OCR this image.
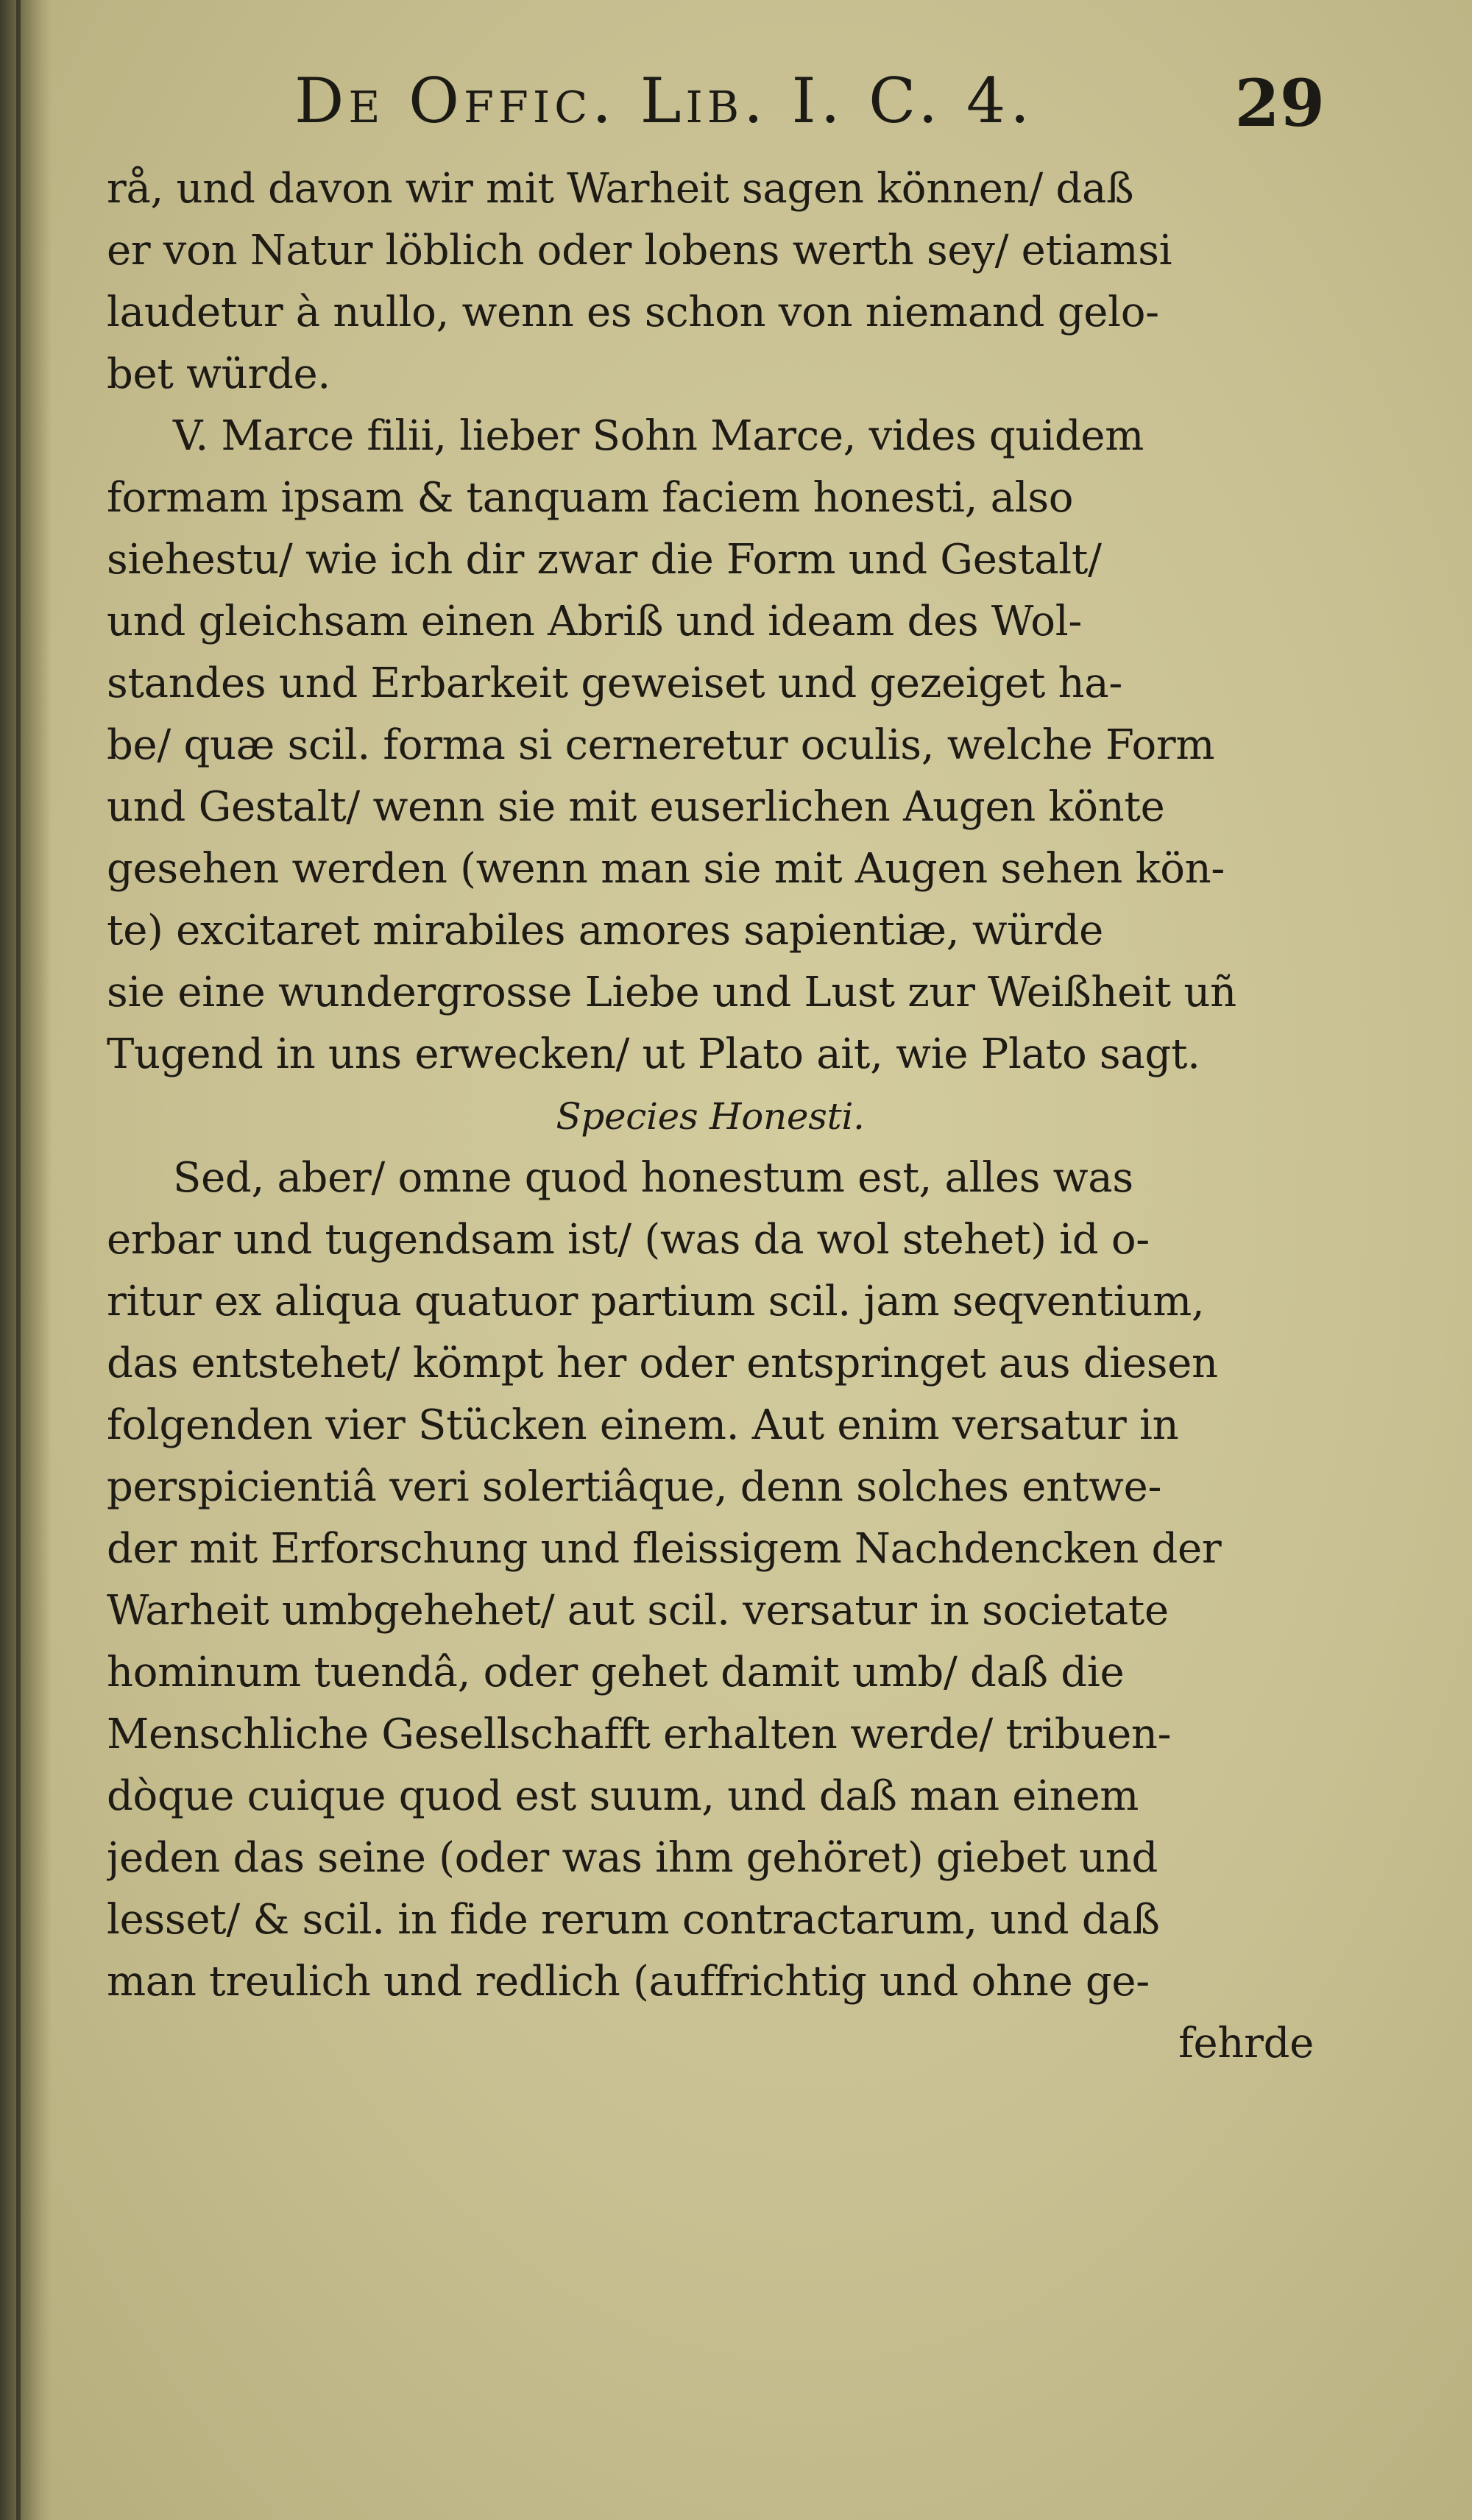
De Offic. Lib. I. C. 4.	29
rå, und davon wir mit Warheit sagen können/ daß
er von Natur löblich oder lobens werth sey/ etiamsi
laudetur à nullo, wenn es schon von niemand gelo-
bet würde.
V. Marce filii, lieber Sohn Marce, vides quidem
formam ipsam & tanquam faciem honesti, also
siehestu/ wie ich dir zwar die Form und Gestalt/
und gleichsam einen Abriß und ideam des Wol-
standes und Erbarkeit geweiset und gezeiget ha-
be/ quæ scil. forma si cerneretur oculis, welche Form
und Gestalt/ wenn sie mit euserlichen Augen könte
gesehen werden (wenn man sie mit Augen sehen kön-
te) excitaret mirabiles amores sapientiæ, würde
sie eine wundergrosse Liebe und Lust zur Weißheit uñ
Tugend in uns erwecken/ ut Plato ait, wie Plato sagt.
Species Honesti.
Sed, aber/ omne quod honestum est, alles was
erbar und tugendsam ist/ (was da wol stehet) id o-
ritur ex aliqua quatuor partium scil. jam seqventium,
das entstehet/ kömpt her oder entspringet aus diesen
folgenden vier Stücken einem. Aut enim versatur in
perspicientiâ veri solertiâque, denn solches entwe-
der mit Erforschung und fleissigem Nachdencken der
Warheit umbgehehet/ aut scil. versatur in societate
hominum tuendâ, oder gehet damit umb/ daß die
Menschliche Gesellschafft erhalten werde/ tribuen-
dòque cuique quod est suum, und daß man einem
jeden das seine (oder was ihm gehöret) giebet und
lesset/ & scil. in fide rerum contractarum, und daß
man treulich und redlich (auffrichtig und ohne ge-
fehrde
